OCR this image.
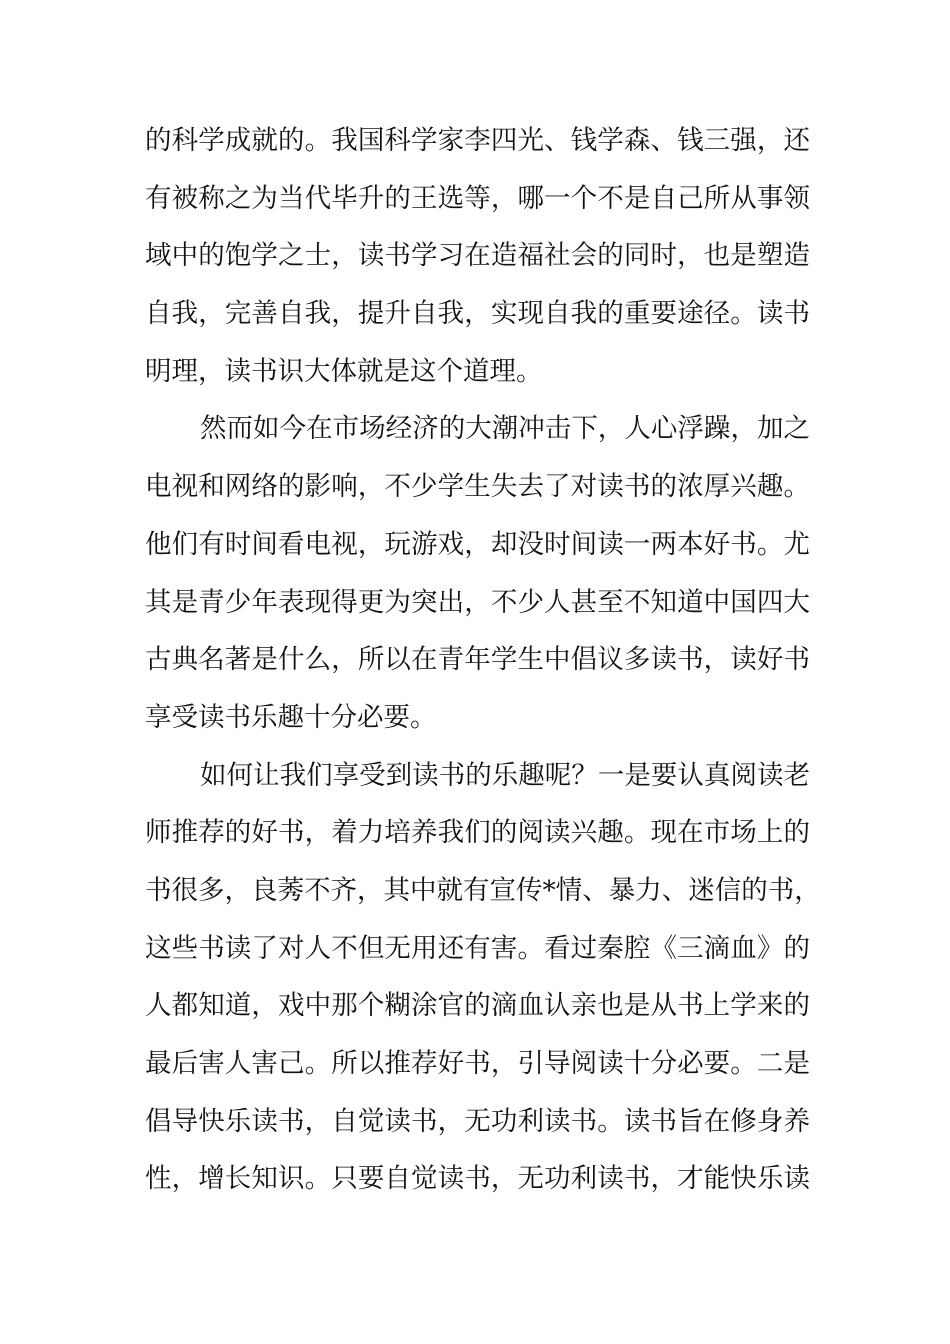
的科学成就的。我国科学家李四光、钱学森、钱三强，还
有被称之为当代毕升的王选等，哪一个不是自己所从事领
域中的饱学之士，读书学习在造福社会的同时，也是塑造
自我，完善自我，提升自我，实现自我的重要途径。读书
明理，读书识大体就是这个道理。
然而如今在市场经济的大潮冲击下，人心浮躁，加之
电视和网络的影响，不少学生失去了对读书的浓厚兴趣。
他们有时间看电视，玩游戏，却没时间读一两本好书。尤
其是青少年表现得更为突出，不少人甚至不知道中国四大
古典名著是什么，所以在青年学生中倡议多读书，读好书
享受读书乐趣十分必要。
如何让我们享受到读书的乐趣呢？一是要认真阅读老
师推荐的好书，着力培养我们的阅读兴趣。现在市场上的
书很多，良莠不齐，其中就有宣传*情、暴力、迷信的书，
这些书读了对人不但无用还有害。看过秦腔《三滴血》的
人都知道，戏中那个糊涂官的滴血认亲也是从书上学来的
最后害人害己。所以推荐好书，引导阅读十分必要。二是
倡导快乐读书，自觉读书，无功利读书。读书旨在修身养
性，增长知识。只要自觉读书，无功利读书，才能快乐读
